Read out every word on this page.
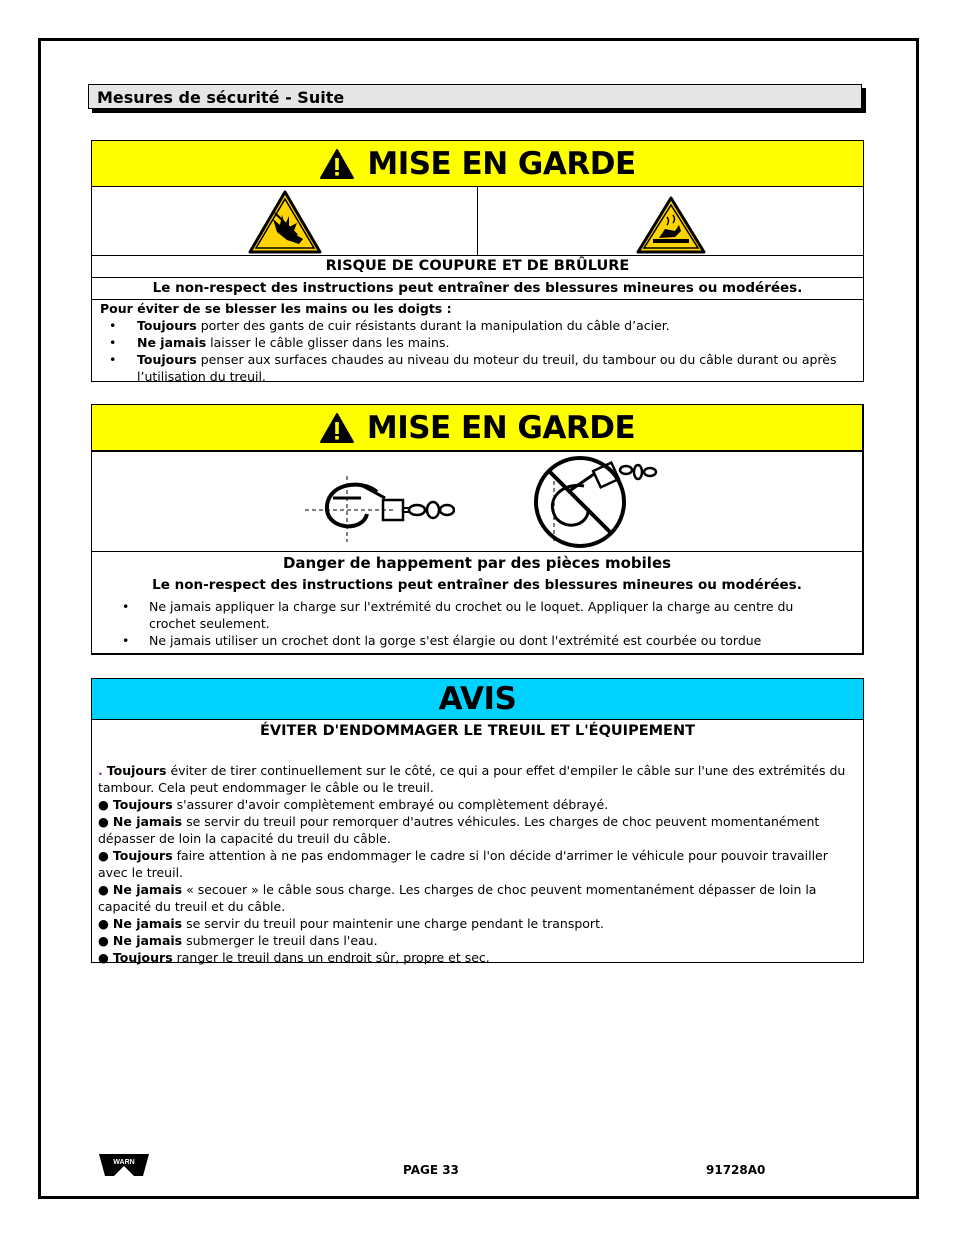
Mesures de sécurité - Suite
MISE EN GARDE
RISQUE DE COUPURE ET DE BRÛLURE
Le non-respect des instructions peut entraîner des blessures mineures ou modérées.
Pour éviter de se blesser les mains ou les doigts :
• Toujours porter des gants de cuir résistants durant la manipulation du câble d’acier.
• Ne jamais laisser le câble glisser dans les mains.
• Toujours penser aux surfaces chaudes au niveau du moteur du treuil, du tambour ou du câble durant ou après l’utilisation du treuil.
MISE EN GARDE
Danger de happement par des pièces mobiles
Le non-respect des instructions peut entraîner des blessures mineures ou modérées.
• Ne jamais appliquer la charge sur l'extrémité du crochet ou le loquet. Appliquer la charge au centre du crochet seulement.
• Ne jamais utiliser un crochet dont la gorge s'est élargie ou dont l'extrémité est courbée ou tordue
AVIS
ÉVITER D'ENDOMMAGER LE TREUIL ET L'ÉQUIPEMENT
. Toujours éviter de tirer continuellement sur le côté, ce qui a pour effet d'empiler le câble sur l'une des extrémités du tambour. Cela peut endommager le câble ou le treuil.
● Toujours s'assurer d'avoir complètement embrayé ou complètement débrayé.
● Ne jamais se servir du treuil pour remorquer d'autres véhicules. Les charges de choc peuvent momentanément dépasser de loin la capacité du treuil du câble.
● Toujours faire attention à ne pas endommager le cadre si l'on décide d'arrimer le véhicule pour pouvoir travailler avec le treuil.
● Ne jamais « secouer » le câble sous charge. Les charges de choc peuvent momentanément dépasser de loin la capacité du treuil et du câble.
● Ne jamais se servir du treuil pour maintenir une charge pendant le transport.
● Ne jamais submerger le treuil dans l'eau.
● Toujours ranger le treuil dans un endroit sûr, propre et sec.
WARN
PAGE 33	91728A0
